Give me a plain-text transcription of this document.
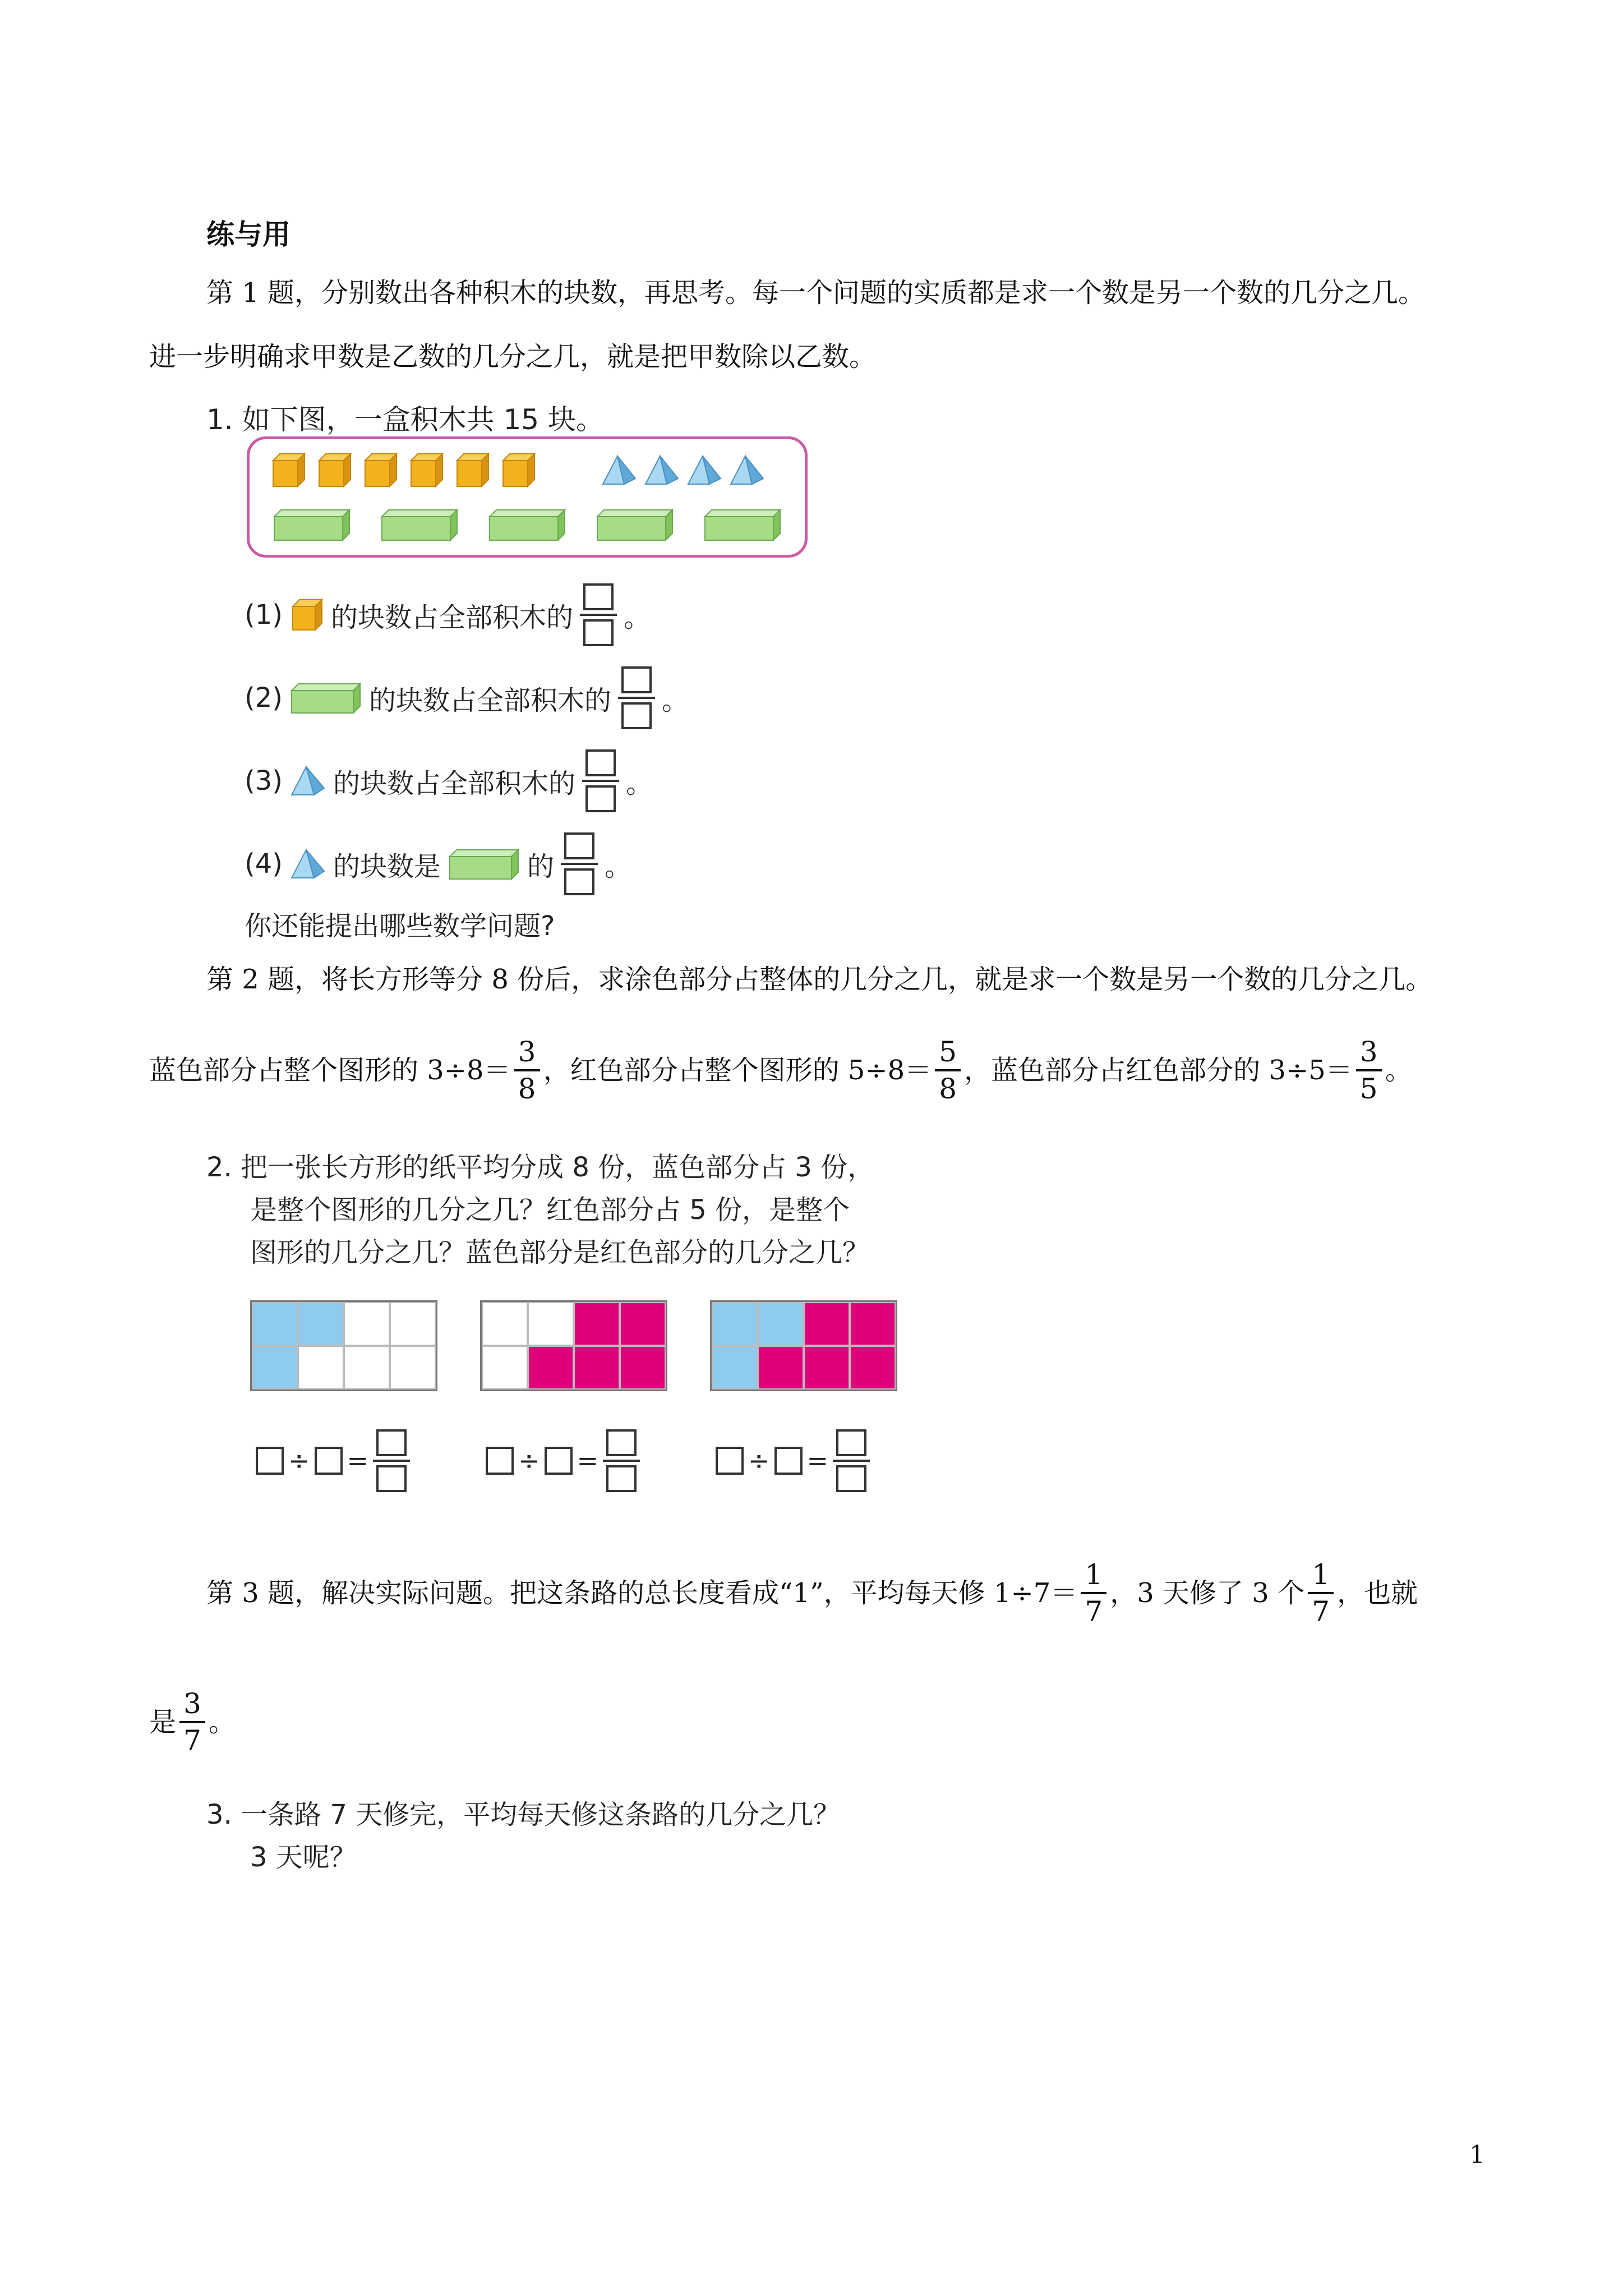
练与用
第 1 题，分别数出各种积木的块数，再思考。每一个问题的实质都是求一个数是另一个数的几分之几。
进一步明确求甲数是乙数的几分之几，就是把甲数除以乙数。
1. 如下图，一盒积木共 15 块。
(1) 的块数占全部积木的 。
(2)	的块数占全部积木的 。
(3) 的块数占全部积木的 。
(4) 的块数是	的 。
你还能提出哪些数学问题?
第 2 题，将长方形等分 8 份后，求涂色部分占整体的几分之几，就是求一个数是另一个数的几分之几。
蓝色部分占整个图形的 $3\div 8= \frac{3}{8}$ ，红色部分占整个图形的 $5\div 8= \frac{5}{8}$ ，蓝色部分占红色部分的 $3\div 5= \frac{3}{5}$ 。
2. 把一张长方形的纸平均分成 8 份，蓝色部分占 3 份，
是整个图形的几分之几？红色部分占 5 份，是整个
图形的几分之几？蓝色部分是红色部分的几分之几？
÷ =	÷ =	÷ =
第 3 题，解决实际问题。把这条路的总长度看成“1”，平均每天修 $1\div 7= \frac{1}{7}$ ，3 天修了 3 个 $\frac{1}{7}$ ，也就
是 $\frac{3}{7}$ 。
3. 一条路 7 天修完，平均每天修这条路的几分之几？
3 天呢？
1
